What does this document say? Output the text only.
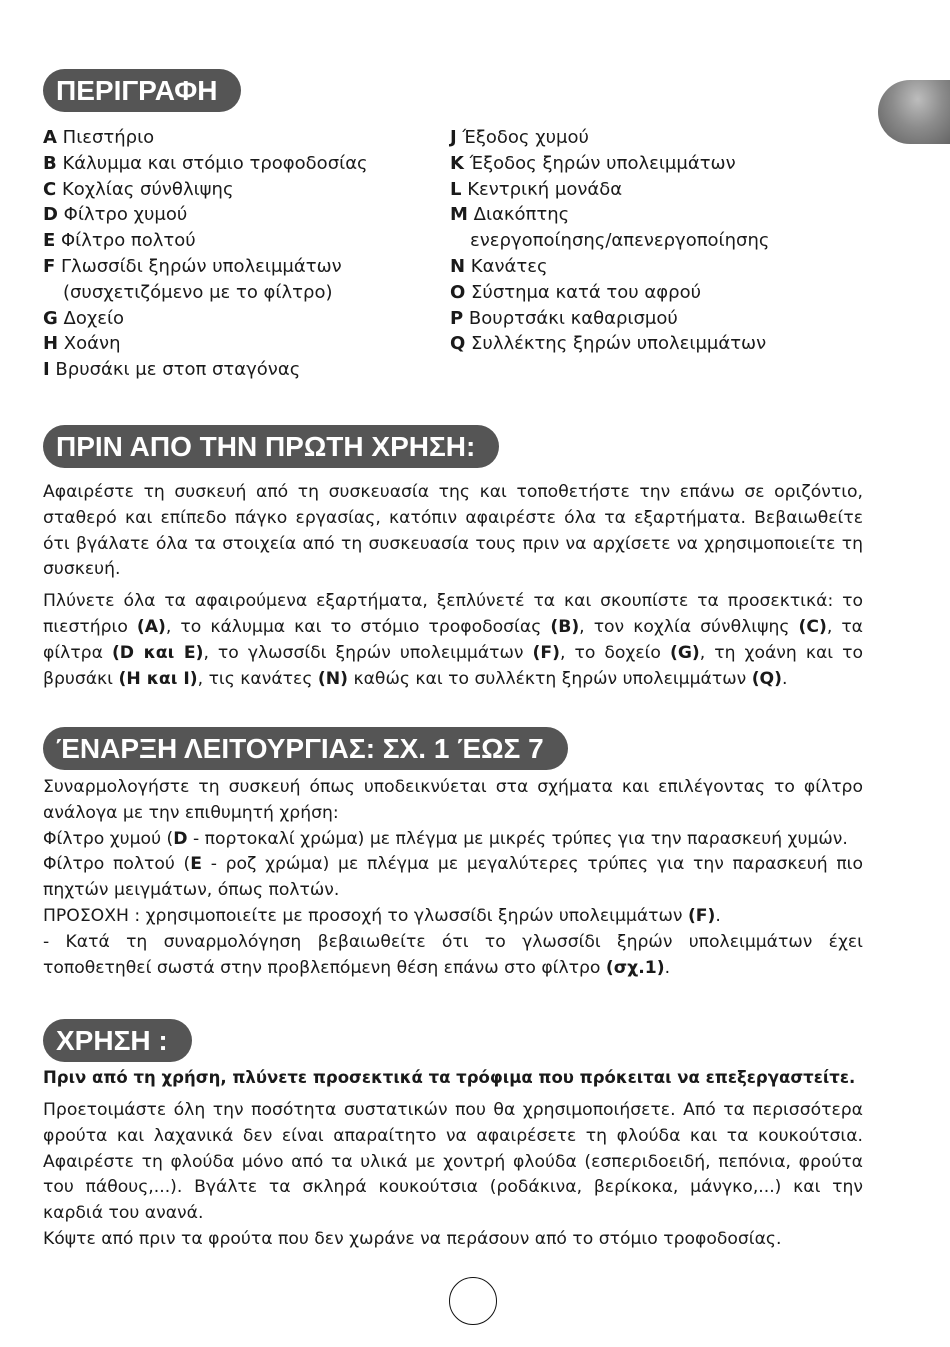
ΠΕΡΙΓΡΑΦΗ
A Πιεστήριο
B Κάλυμμα και στόμιο τροφοδοσίας
C Κοχλίας σύνθλιψης
D Φίλτρο χυμού
E Φίλτρο πολτού
F Γλωσσίδι ξηρών υπολειμμάτων
(συσχετιζόμενο με το φίλτρο)
G Δοχείο
H Χοάνη
I Βρυσάκι με στοπ σταγόνας
J Έξοδος χυμού
K Έξοδος ξηρών υπολειμμάτων
L Κεντρική μονάδα
M Διακόπτης
ενεργοποίησης/απενεργοποίησης
N Κανάτες
O Σύστημα κατά του αφρού
P Βουρτσάκι καθαρισμού
Q Συλλέκτης ξηρών υπολειμμάτων
ΠΡΙΝ ΑΠΟ ΤΗΝ ΠΡΩΤΗ ΧΡΗΣΗ:

Αφαιρέστε τη συσκευή από τη συσκευασία της και τοποθετήστε την επάνω σε οριζόντιο, σταθερό και επίπεδο πάγκο εργασίας, κατόπιν αφαιρέστε όλα τα εξαρτήματα. Βεβαιωθείτε ότι βγάλατε όλα τα στοιχεία από τη συσκευασία τους πριν να αρχίσετε να χρησιμοποιείτε τη συσκευή.

Πλύνετε όλα τα αφαιρούμενα εξαρτήματα, ξεπλύνετέ τα και σκουπίστε τα προσεκτικά: το πιεστήριο (A), το κάλυμμα και το στόμιο τροφοδοσίας (B), τον κοχλία σύνθλιψης (C), τα φίλτρα (D και E), το γλωσσίδι ξηρών υπολειμμάτων (F), το δοχείο (G), τη χοάνη και το βρυσάκι (H και I), τις κανάτες (N) καθώς και το συλλέκτη ξηρών υπολειμμάτων (Q).

ΈΝΑΡΞΗ ΛΕΙΤΟΥΡΓΙΑΣ: ΣΧ. 1 ΈΩΣ 7
Συναρμολογήστε τη συσκευή όπως υποδεικνύεται στα σχήματα και επιλέγοντας το φίλτρο ανάλογα με την επιθυμητή χρήση:
Φίλτρο χυμού (D - πορτοκαλί χρώμα) με πλέγμα με μικρές τρύπες για την παρασκευή χυμών.
Φίλτρο πολτού (E - ροζ χρώμα) με πλέγμα με μεγαλύτερες τρύπες για την παρασκευή πιο πηχτών μειγμάτων, όπως πολτών.
ΠΡΟΣΟΧΗ : χρησιμοποιείτε με προσοχή το γλωσσίδι ξηρών υπολειμμάτων (F).
- Κατά τη συναρμολόγηση βεβαιωθείτε ότι το γλωσσίδι ξηρών υπολειμμάτων έχει τοποθετηθεί σωστά στην προβλεπόμενη θέση επάνω στο φίλτρο (σχ.1).
ΧΡΗΣΗ :
Πριν από τη χρήση, πλύνετε προσεκτικά τα τρόφιμα που πρόκειται να επεξεργαστείτε.
Προετοιμάστε όλη την ποσότητα συστατικών που θα χρησιμοποιήσετε. Από τα περισσότερα φρούτα και λαχανικά δεν είναι απαραίτητο να αφαιρέσετε τη φλούδα και τα κουκούτσια. Αφαιρέστε τη φλούδα μόνο από τα υλικά με χοντρή φλούδα (εσπεριδοειδή, πεπόνια, φρούτα του πάθους,...). Βγάλτε τα σκληρά κουκούτσια (ροδάκινα, βερίκοκα, μάνγκο,...) και την καρδιά του ανανά.
Κόψτε από πριν τα φρούτα που δεν χωράνε να περάσουν από το στόμιο τροφοδοσίας.
